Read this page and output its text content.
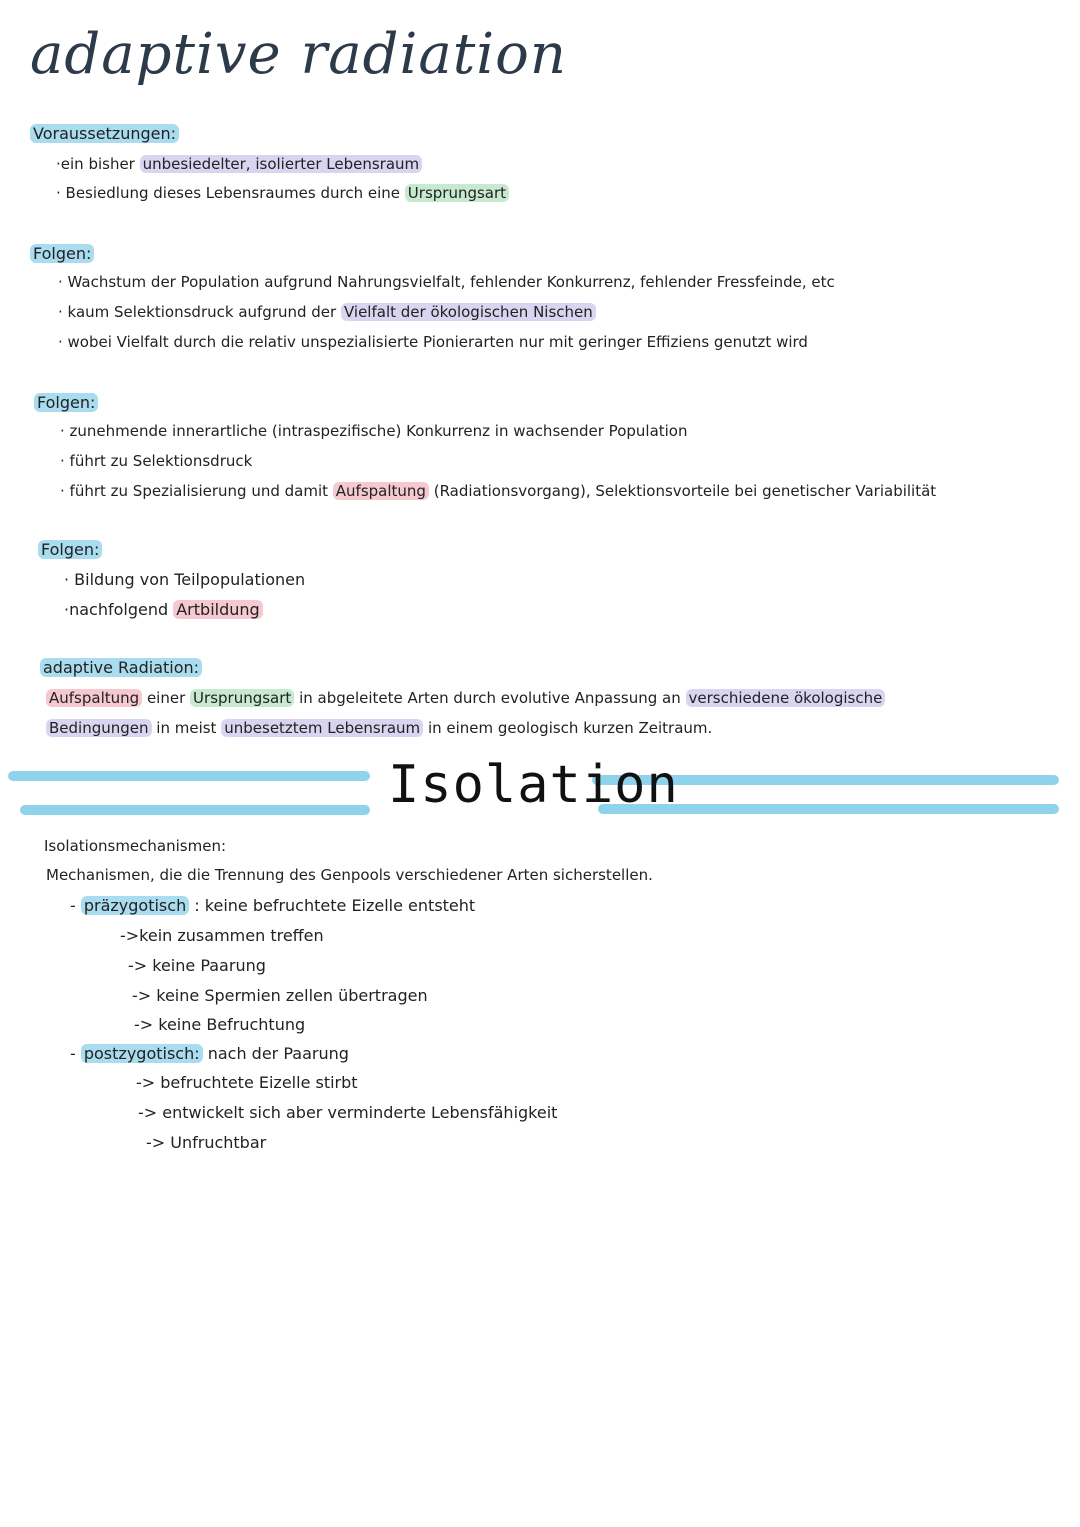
adaptive radiation
Voraussetzungen:
·ein bisher unbesiedelter, isolierter Lebensraum
· Besiedlung dieses Lebensraumes durch eine Ursprungsart
Folgen:
· Wachstum der Population aufgrund Nahrungsvielfalt, fehlender Konkurrenz, fehlender Fressfeinde, etc
· kaum Selektionsdruck aufgrund der Vielfalt der ökologischen Nischen
· wobei Vielfalt durch die relativ unspezialisierte Pionierarten nur mit geringer Effiziens genutzt wird
Folgen:
· zunehmende innerartliche (intraspezifische) Konkurrenz in wachsender Population
· führt zu Selektionsdruck
· führt zu Spezialisierung und damit Aufspaltung (Radiationsvorgang), Selektionsvorteile bei genetischer Variabilität
Folgen:
· Bildung von Teilpopulationen
·nachfolgend Artbildung
adaptive Radiation:
Aufspaltung einer Ursprungsart in abgeleitete Arten durch evolutive Anpassung an verschiedene ökologische
Bedingungen in meist unbesetztem Lebensraum in einem geologisch kurzen Zeitraum.
Isolation
Isolationsmechanismen:
Mechanismen, die die Trennung des Genpools verschiedener Arten sicherstellen.
- präzygotisch : keine befruchtete Eizelle entsteht
->kein zusammen treffen
-> keine Paarung
-> keine Spermien zellen übertragen
-> keine Befruchtung
- postzygotisch: nach der Paarung
-> befruchtete Eizelle stirbt
-> entwickelt sich aber verminderte Lebensfähigkeit
-> Unfruchtbar
